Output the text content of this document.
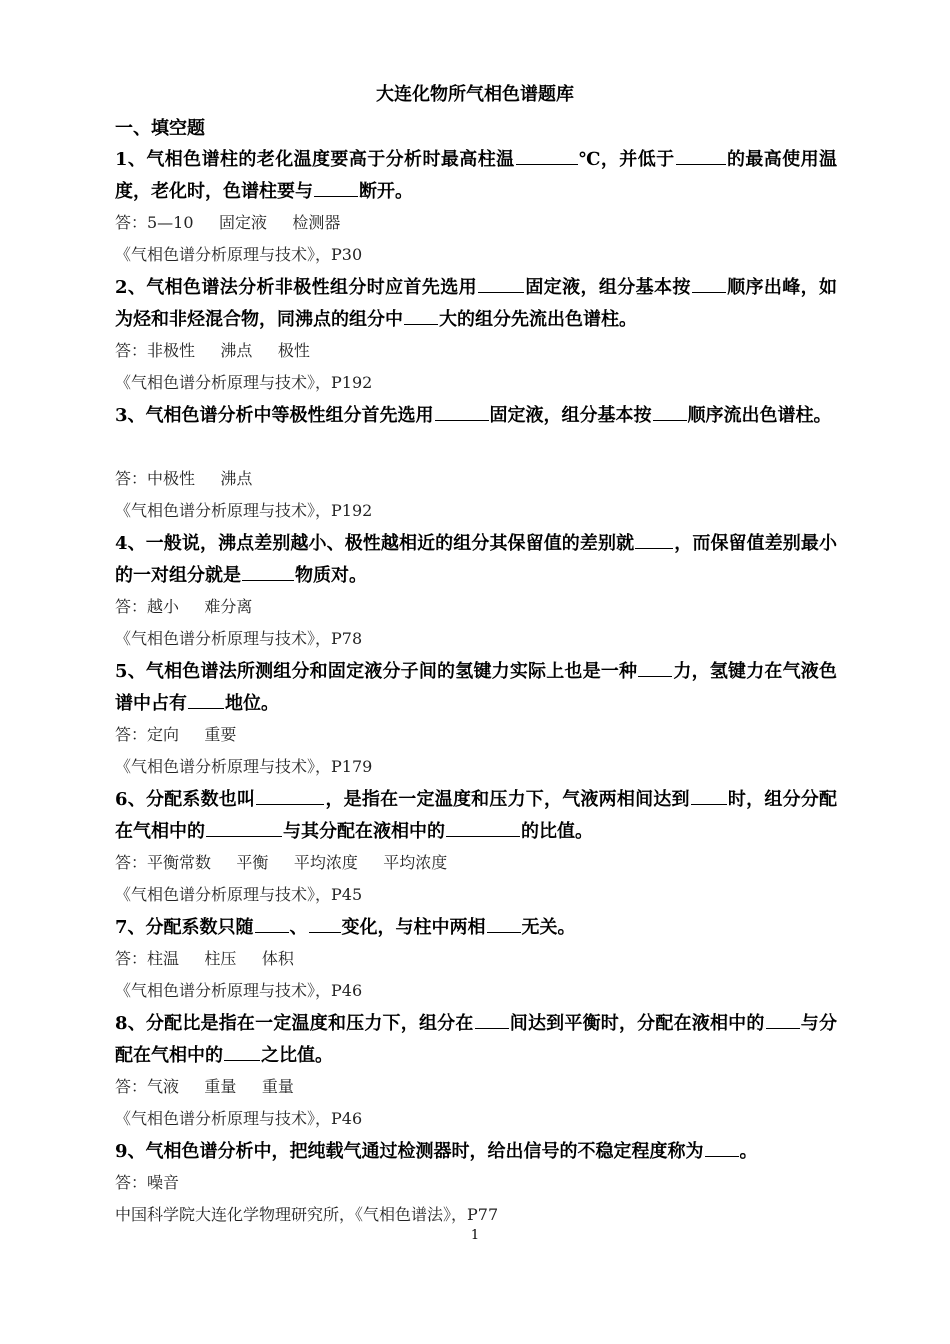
大连化物所气相色谱题库
一、填空题
1、气相色谱柱的老化温度要高于分析时最高柱温	℃，并低于	的最高使用温度，老化时，色谱柱要与	断开。
答：5—10     固定液     检测器
《气相色谱分析原理与技术》，P30
2、气相色谱法分析非极性组分时应首先选用	固定液，组分基本按 顺序出峰，如为烃和非烃混合物，同沸点的组分中 大的组分先流出色谱柱。
答：非极性     沸点     极性
《气相色谱分析原理与技术》，P192
3、气相色谱分析中等极性组分首先选用	固定液，组分基本按 顺序流出色谱柱。
答：中极性     沸点
《气相色谱分析原理与技术》，P192
4、一般说，沸点差别越小、极性越相近的组分其保留值的差别就 ，而保留值差别最小的一对组分就是	物质对。
答：越小     难分离
《气相色谱分析原理与技术》，P78
5、气相色谱法所测组分和固定液分子间的氢键力实际上也是一种 力，氢键力在气液色谱中占有 地位。
答：定向     重要
《气相色谱分析原理与技术》，P179
6、分配系数也叫	，是指在一定温度和压力下，气液两相间达到 时，组分分配在气相中的	与其分配在液相中的	的比值。
答：平衡常数     平衡     平均浓度     平均浓度
《气相色谱分析原理与技术》，P45
7、分配系数只随 、 变化，与柱中两相 无关。
答：柱温     柱压     体积
《气相色谱分析原理与技术》，P46
8、分配比是指在一定温度和压力下，组分在 间达到平衡时，分配在液相中的 与分配在气相中的 之比值。
答：气液     重量     重量
《气相色谱分析原理与技术》，P46
9、气相色谱分析中，把纯载气通过检测器时，给出信号的不稳定程度称为 。
答：噪音
中国科学院大连化学物理研究所，《气相色谱法》，P77
1
